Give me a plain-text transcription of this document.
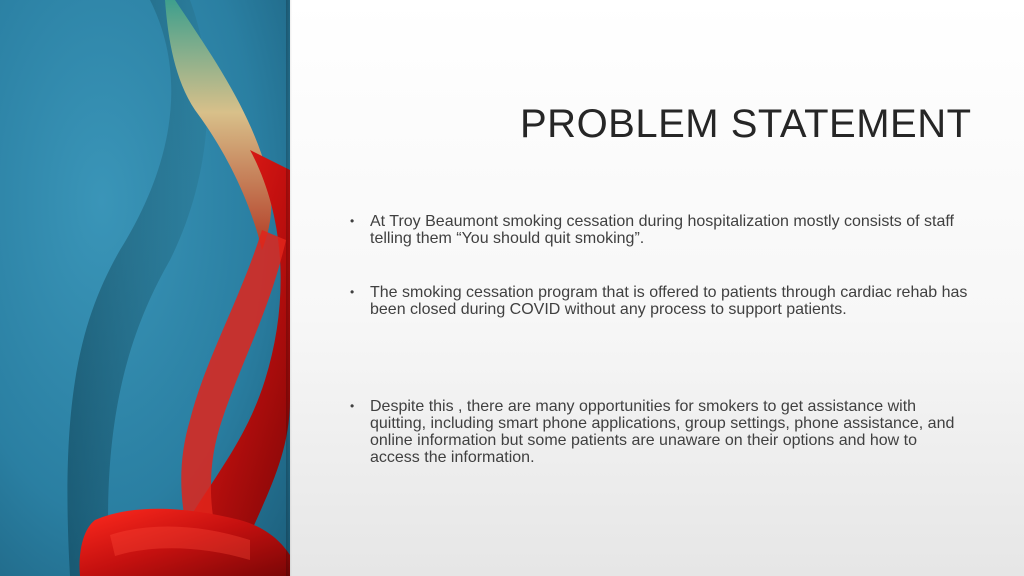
PROBLEM STATEMENT
• At Troy Beaumont smoking cessation during hospitalization mostly consists of staff telling them “You should quit smoking”.

• The smoking cessation program that is offered to patients through cardiac rehab has been closed during COVID without any process to support patients.

• Despite this , there are many opportunities for smokers to get assistance with quitting, including smart phone applications, group settings, phone assistance, and online information but some patients are unaware on their options and how to access the information.
